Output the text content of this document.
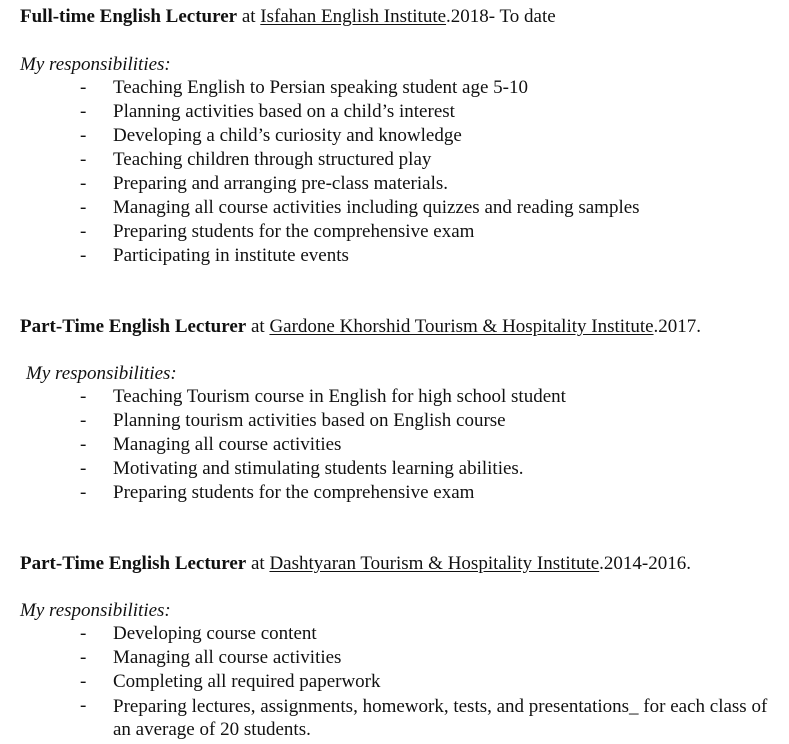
Full-time English Lecturer at Isfahan English Institute.2018- To date
My responsibilities:
- Teaching English to Persian speaking student age 5-10
- Planning activities based on a child’s interest
- Developing a child’s curiosity and knowledge
- Teaching children through structured play
- Preparing and arranging pre-class materials.
- Managing all course activities including quizzes and reading samples
- Preparing students for the comprehensive exam
- Participating in institute events
Part-Time English Lecturer at Gardone Khorshid Tourism & Hospitality Institute.2017.
My responsibilities:
- Teaching Tourism course in English for high school student
- Planning tourism activities based on English course
- Managing all course activities
- Motivating and stimulating students learning abilities.
- Preparing students for the comprehensive exam
Part-Time English Lecturer at Dashtyaran Tourism & Hospitality Institute.2014-2016.
My responsibilities:
- Developing course content
- Managing all course activities
- Completing all required paperwork
- Preparing lectures, assignments, homework, tests, and presentations_ for each class of an average of 20 students.
